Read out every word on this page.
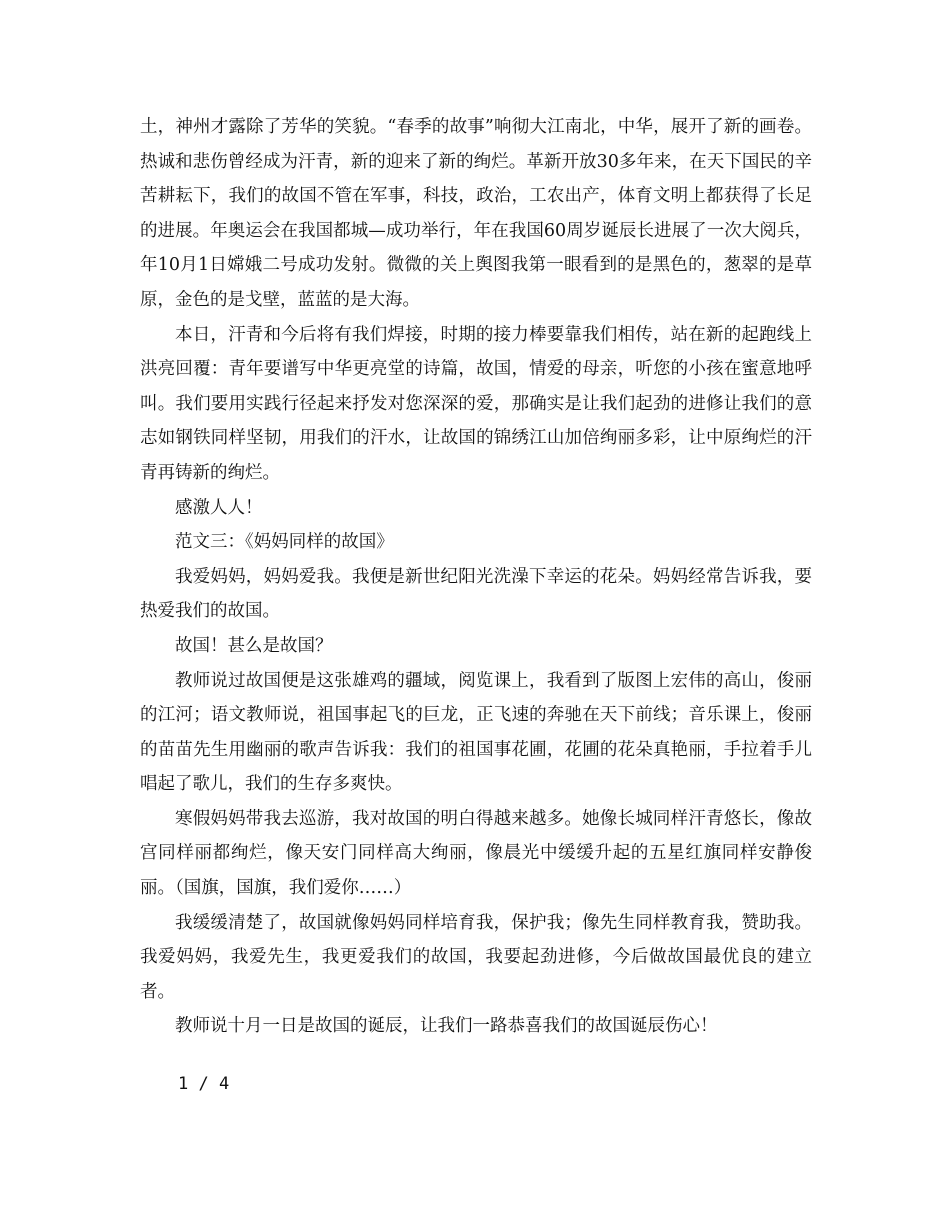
土，神州才露除了芳华的笑貌。“春季的故事”响彻大江南北，中华，展开了新的画卷。热诚和悲伤曾经成为汗青，新的迎来了新的绚烂。革新开放30多年来，在天下国民的辛苦耕耘下，我们的故国不管在军事，科技，政治，工农出产，体育文明上都获得了长足的进展。年奥运会在我国都城—成功举行，年在我国60周岁诞辰长进展了一次大阅兵，年10月1日嫦娥二号成功发射。微微的关上舆图我第一眼看到的是黑色的，葱翠的是草原，金色的是戈壁，蓝蓝的是大海。

本日，汗青和今后将有我们焊接，时期的接力棒要靠我们相传，站在新的起跑线上洪亮回覆：青年要谱写中华更亮堂的诗篇，故国，情爱的母亲，听您的小孩在蜜意地呼叫。我们要用实践行径起来抒发对您深深的爱，那确实是让我们起劲的进修让我们的意志如钢铁同样坚韧，用我们的汗水，让故国的锦绣江山加倍绚丽多彩，让中原绚烂的汗青再铸新的绚烂。

感激人人！

范文三：《妈妈同样的故国》

我爱妈妈，妈妈爱我。我便是新世纪阳光洗澡下幸运的花朵。妈妈经常告诉我，要热爱我们的故国。

故国！甚么是故国？

教师说过故国便是这张雄鸡的疆域，阅览课上，我看到了版图上宏伟的高山，俊丽的江河；语文教师说，祖国事起飞的巨龙，正飞速的奔驰在天下前线；音乐课上，俊丽的苗苗先生用幽丽的歌声告诉我：我们的祖国事花圃，花圃的花朵真艳丽，手拉着手儿唱起了歌儿，我们的生存多爽快。

寒假妈妈带我去巡游，我对故国的明白得越来越多。她像长城同样汗青悠长，像故宫同样丽都绚烂，像天安门同样高大绚丽，像晨光中缓缓升起的五星红旗同样安静俊丽。（国旗，国旗，我们爱你……）

我缓缓清楚了，故国就像妈妈同样培育我，保护我；像先生同样教育我，赞助我。我爱妈妈，我爱先生，我更爱我们的故国，我要起劲进修，今后做故国最优良的建立者。

教师说十月一日是故国的诞辰，让我们一路恭喜我们的故国诞辰伤心！

1 / 4
